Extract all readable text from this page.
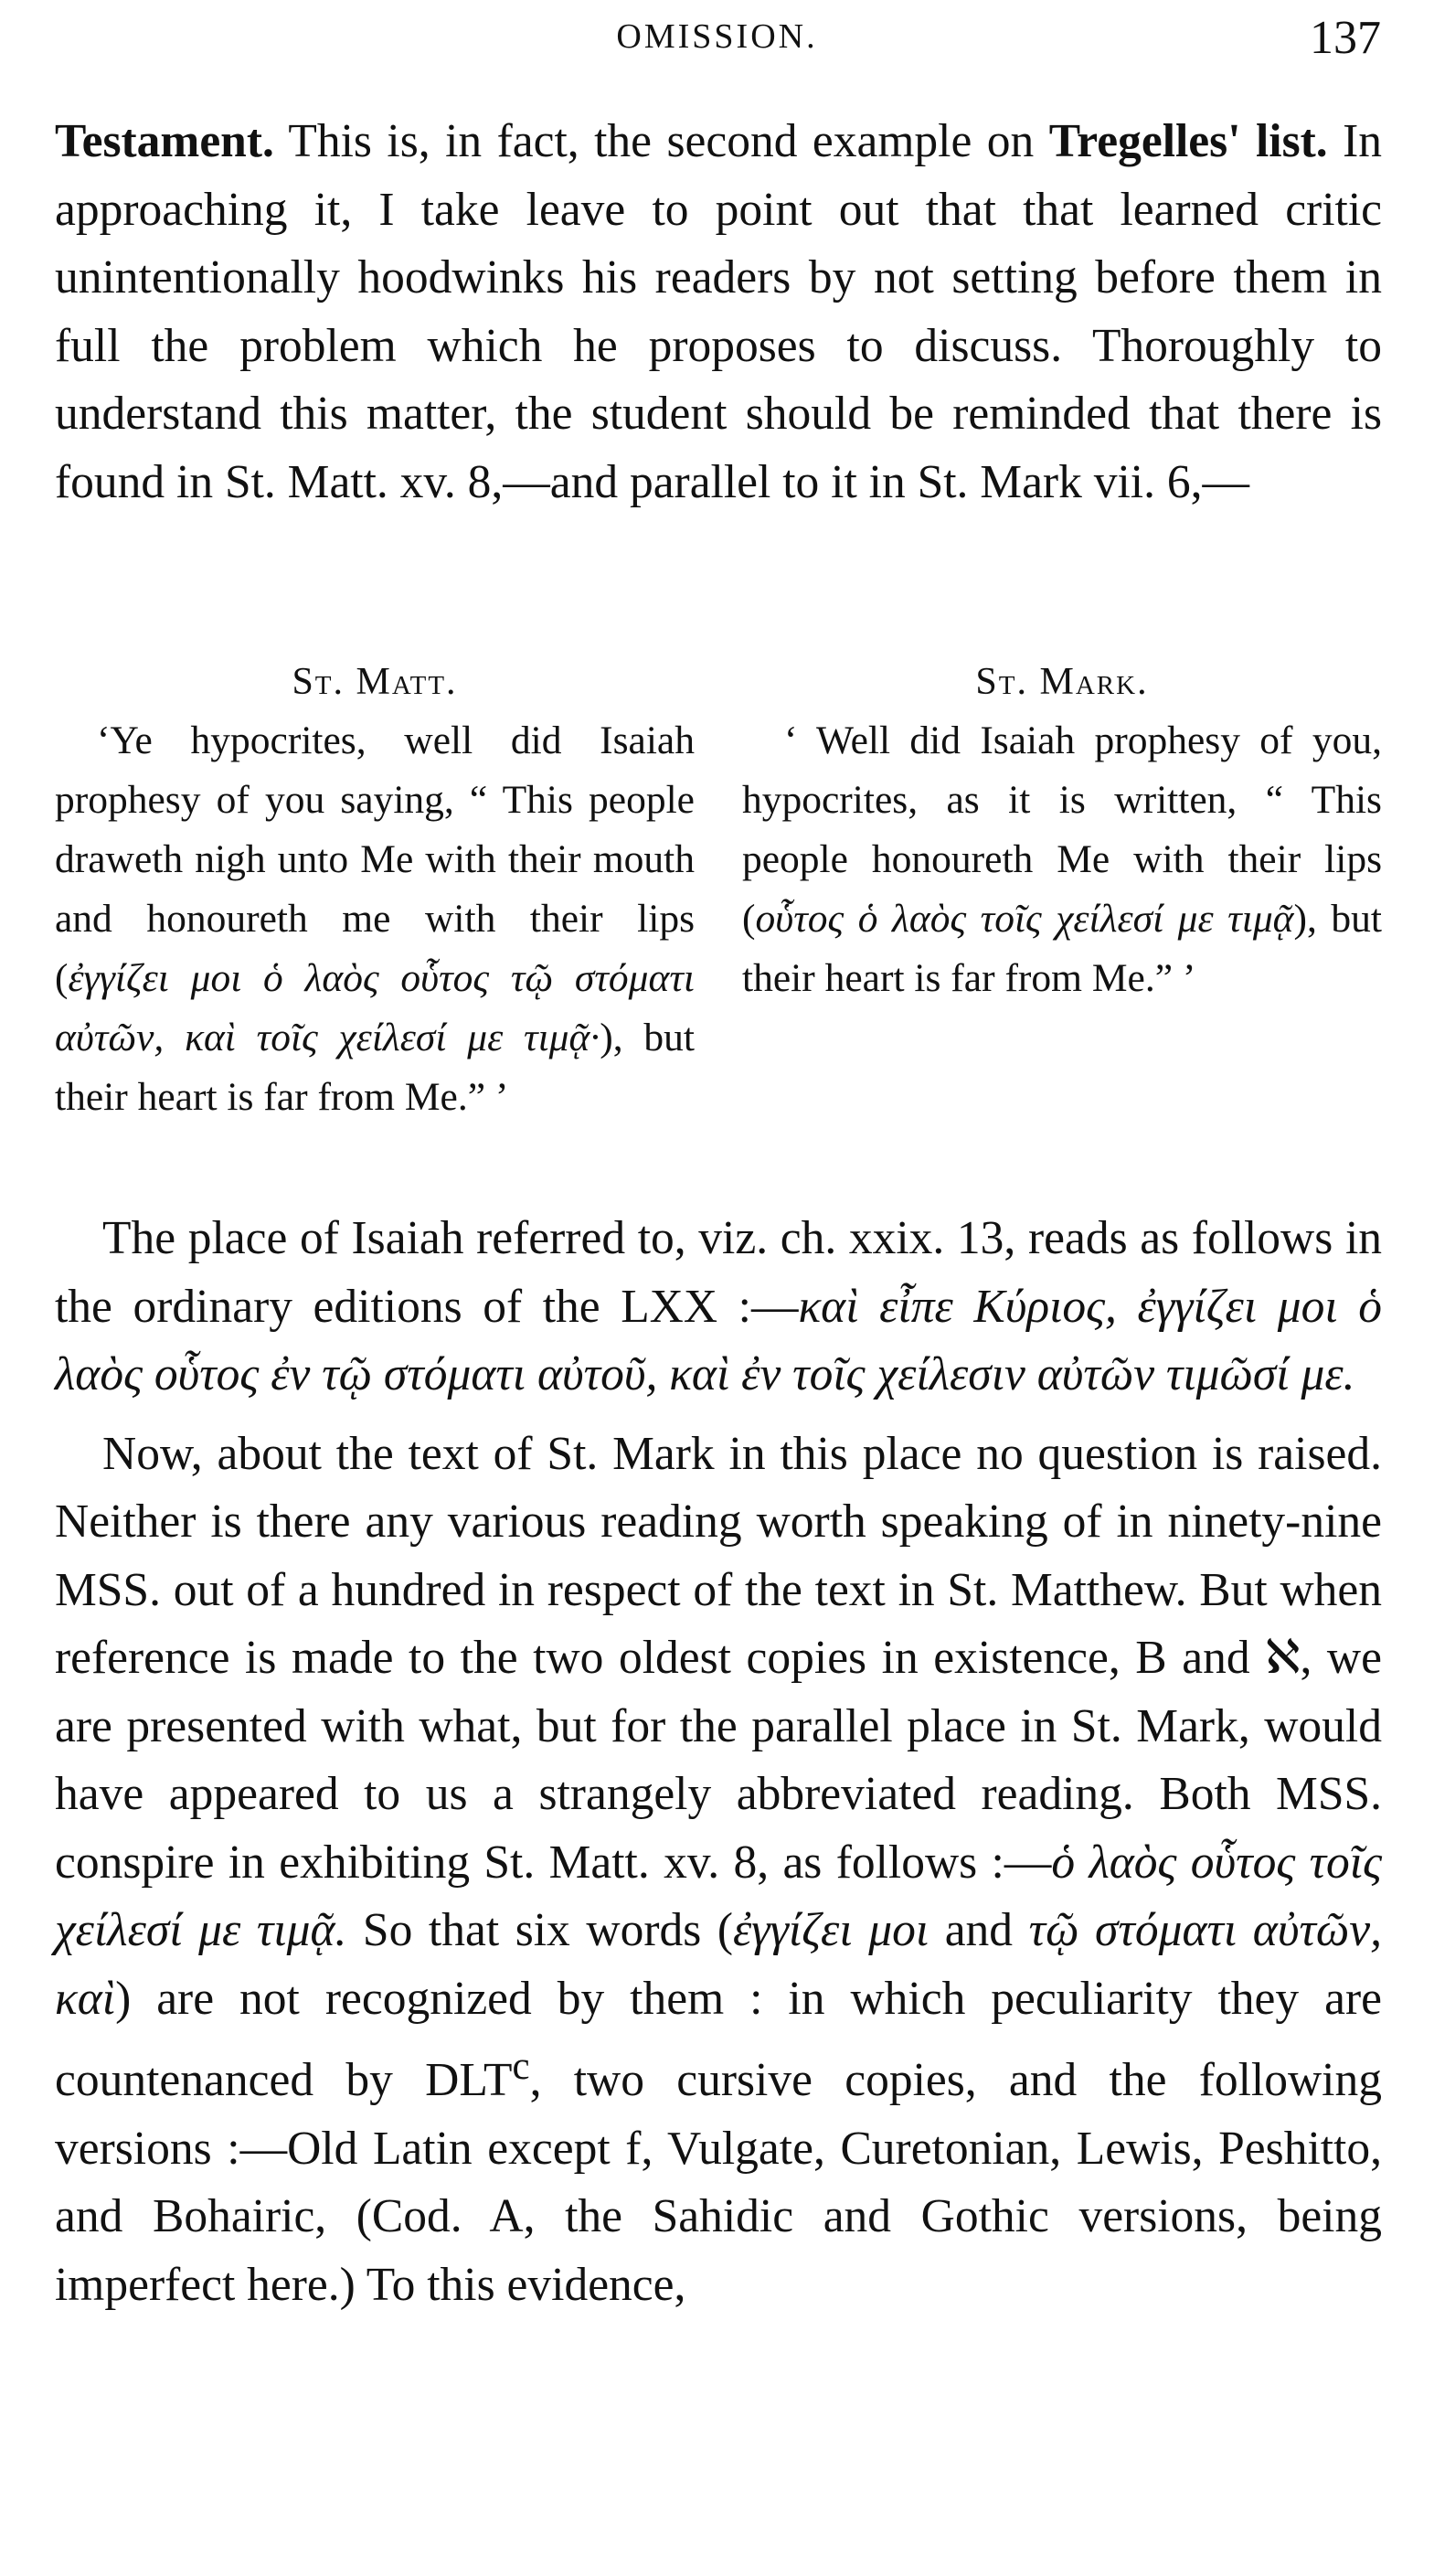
OMISSION.	137

Testament. This is, in fact, the second example on Tregelles' list. In approaching it, I take leave to point out that that learned critic unintentionally hoodwinks his readers by not setting before them in full the problem which he proposes to discuss. Thoroughly to understand this matter, the student should be reminded that there is found in St. Matt. xv. 8,—and parallel to it in St. Mark vii. 6,—

St. Matt.

‘Ye hypocrites, well did Isaiah prophesy of you saying, “ This people draweth nigh unto Me with their mouth and honoureth me with their lips (ἐγγίζει μοι ὁ λαὸς οὗτος τῷ στόματι αὐτῶν, καὶ τοῖς χείλεσί με τιμᾷ·), but their heart is far from Me.” ’

St. Mark.

‘ Well did Isaiah prophesy of you, hypocrites, as it is written, “ This people honoureth Me with their lips (οὗτος ὁ λαὸς τοῖς χείλεσί με τιμᾷ), but their heart is far from Me.” ’

The place of Isaiah referred to, viz. ch. xxix. 13, reads as follows in the ordinary editions of the LXX :—καὶ εἶπε Κύριος, ἐγγίζει μοι ὁ λαὸς οὗτος ἐν τῷ στόματι αὐτοῦ, καὶ ἐν τοῖς χείλεσιν αὐτῶν τιμῶσί με.

Now, about the text of St. Mark in this place no question is raised. Neither is there any various reading worth speaking of in ninety-nine MSS. out of a hundred in respect of the text in St. Matthew. But when reference is made to the two oldest copies in existence, B and ℵ, we are presented with what, but for the parallel place in St. Mark, would have appeared to us a strangely abbreviated reading. Both MSS. conspire in exhibiting St. Matt. xv. 8, as follows :—ὁ λαὸς οὗτος τοῖς χείλεσί με τιμᾷ. So that six words (ἐγγίζει μοι and τῷ στόματι αὐτῶν, καὶ) are not recognized by them : in which peculiarity they are countenanced by DLT$^c$, two cursive copies, and the following versions :—Old Latin except f, Vulgate, Curetonian, Lewis, Peshitto, and Bohairic, (Cod. A, the Sahidic and Gothic versions, being imperfect here.) To this evidence,
